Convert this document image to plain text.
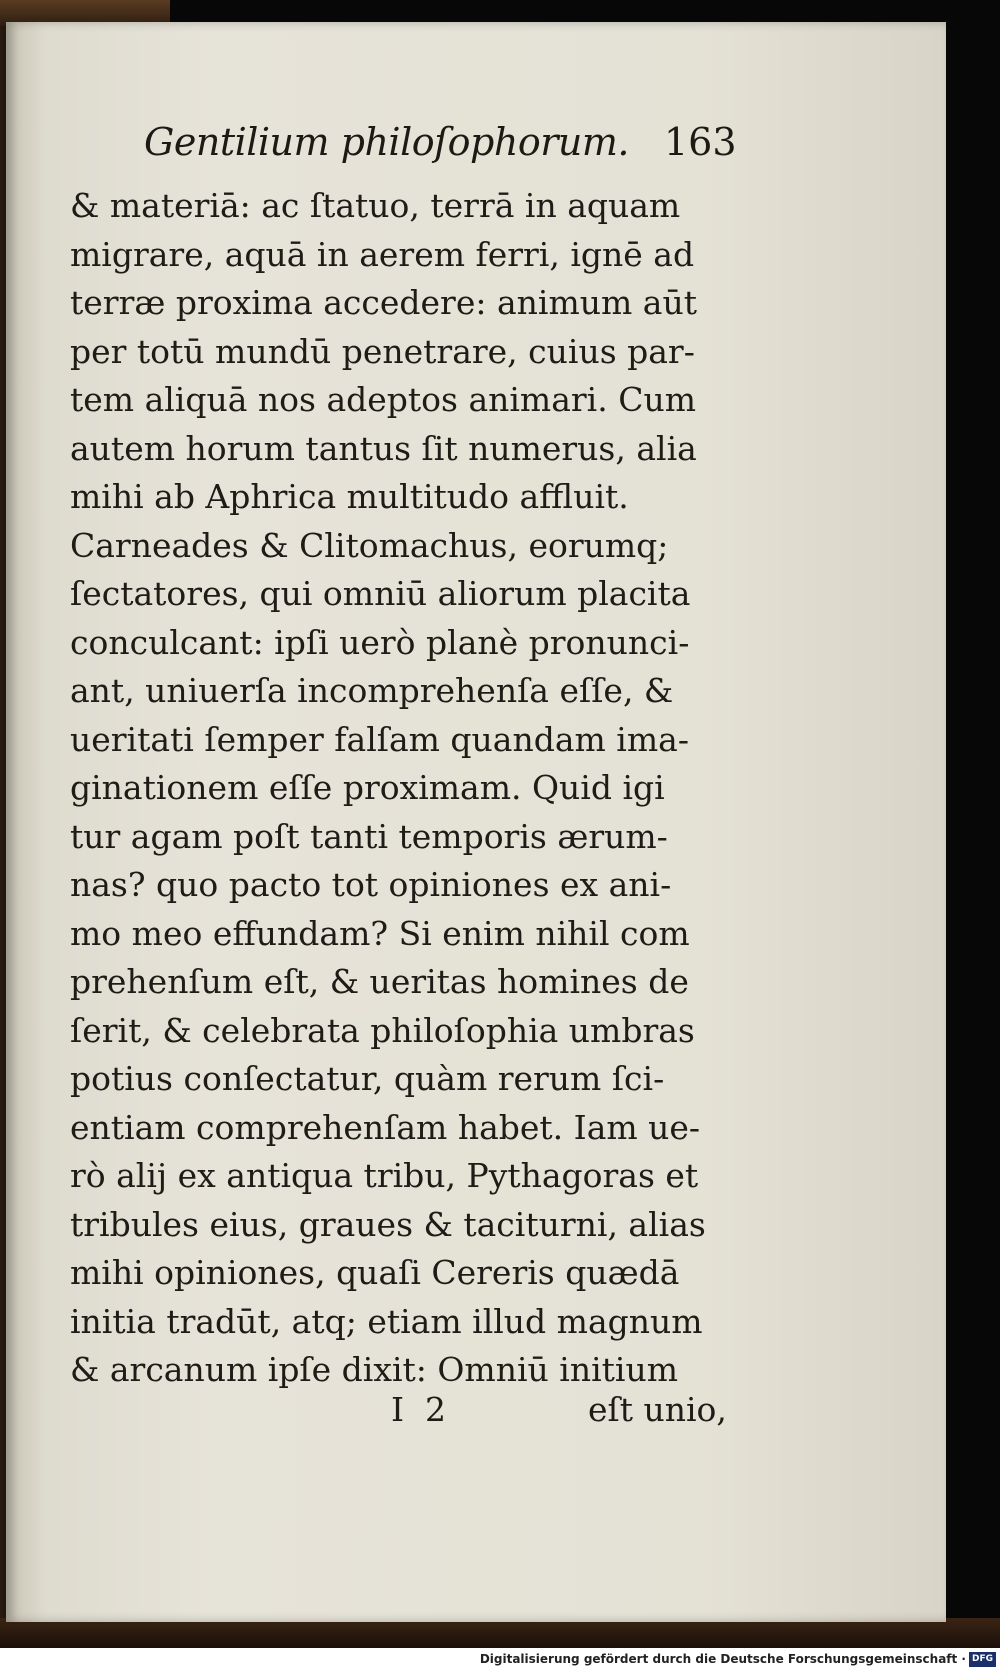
Gentilium philoſophorum. 163
& materiā: ac ſtatuo, terrā in aquam
migrare, aquā in aerem ferri, ignē ad
terræ proxima accedere: animum aūt
per totū mundū penetrare, cuius par-
tem aliquā nos adeptos animari. Cum
autem horum tantus ſit numerus, alia
mihi ab Aphrica multitudo affluit.
Carneades & Clitomachus, eorumq;
ſectatores, qui omniū aliorum placita
conculcant: ipſi uerò planè pronunci-
ant, uniuerſa incomprehenſa eſſe, &
ueritati ſemper falſam quandam ima-
ginationem eſſe proximam. Quid igi
tur agam poſt tanti temporis ærum-
nas? quo pacto tot opiniones ex ani-
mo meo effundam? Si enim nihil com
prehenſum eſt, & ueritas homines de
ſerit, & celebrata philoſophia umbras
potius conſectatur, quàm rerum ſci-
entiam comprehenſam habet. Iam ue-
rò alij ex antiqua tribu, Pythagoras et
tribules eius, graues & taciturni, alias
mihi opiniones, quaſi Cereris quædā
initia tradūt, atq; etiam illud magnum
& arcanum ipſe dixit: Omniū initium
I  2	eſt unio,
Digitalisierung gefördert durch die Deutsche Forschungsgemeinschaft · DFG
